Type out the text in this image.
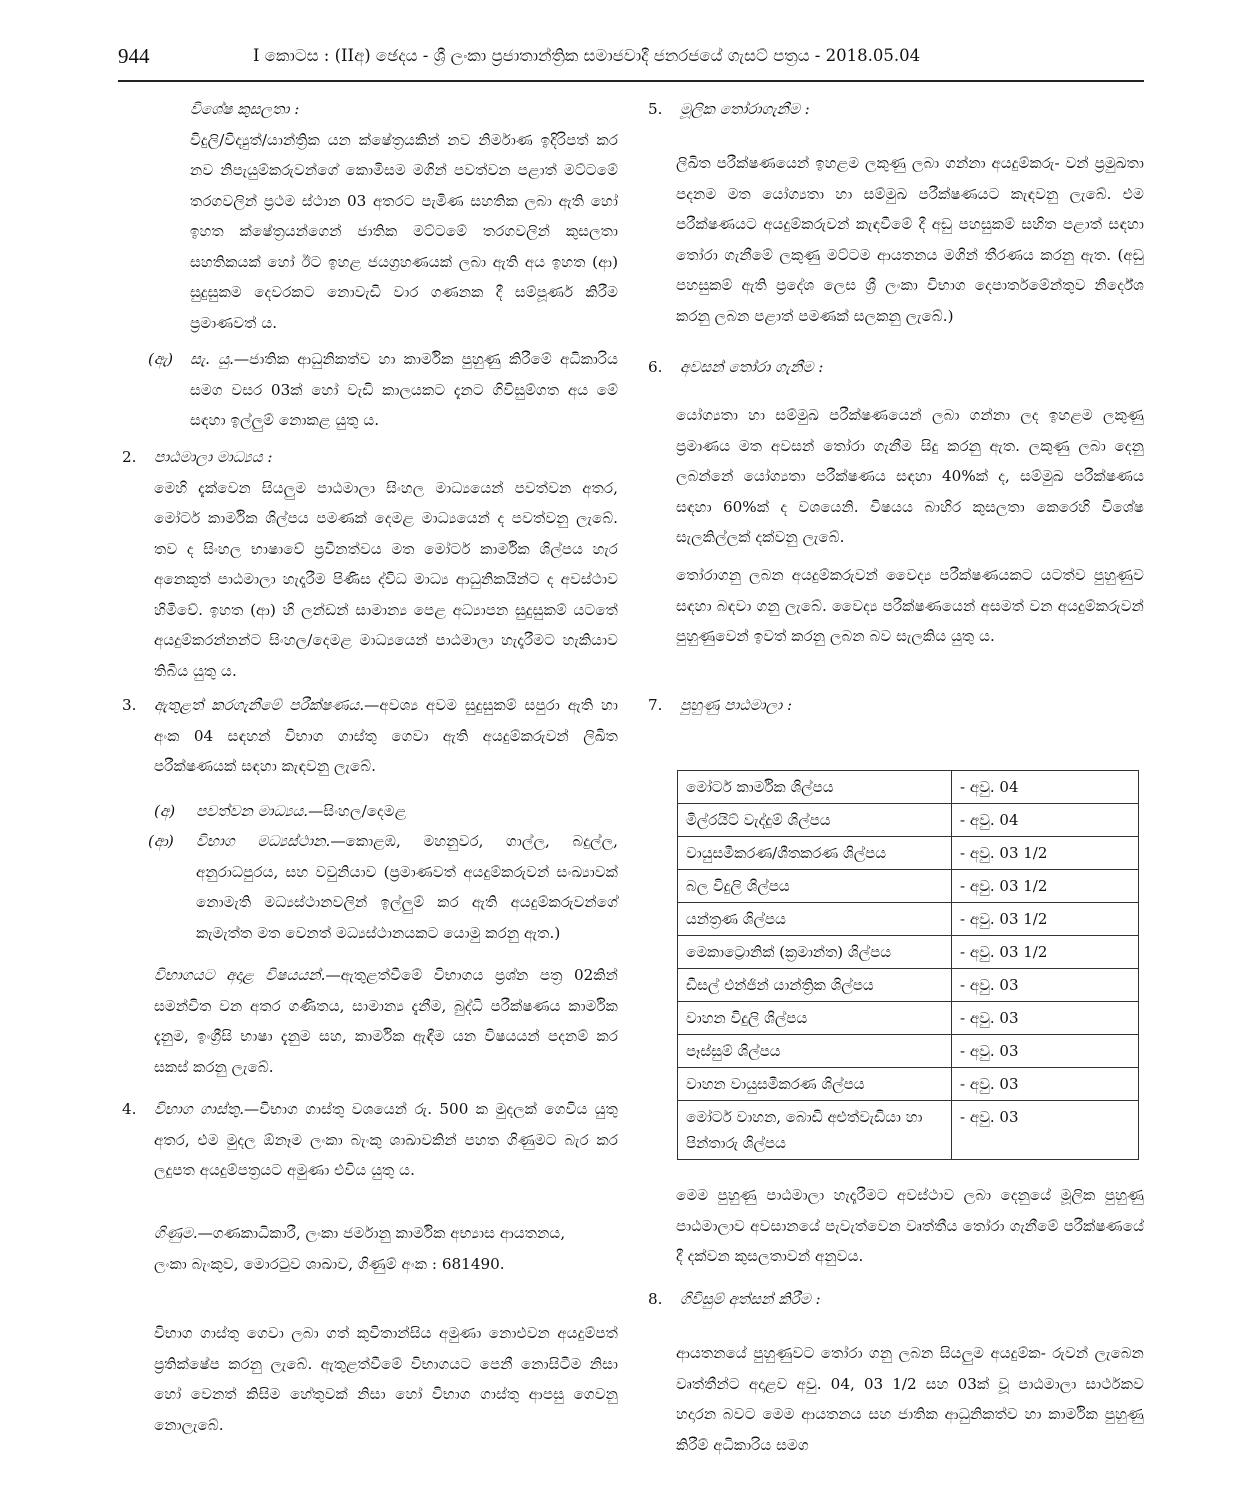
944	I කොටස : (IIඅ) ඡෙදය - ශ්‍රී ලංකා ප්‍රජාතාන්ත්‍රික සමාජවාදී ජනරජයේ ගැසට් පත්‍රය - 2018.05.04

විශේෂ කුසලතා :

විදුලි/විද්‍යුත්/යාන්ත්‍රික යන ක්ෂේත්‍රයකින් නව නිර්මාණ ඉදිරිපත් කර නව නිපැයුම්කරුවන්ගේ කොමිසම මගින් පවත්වන පළාත් මට්ටමේ තරගවලින් ප්‍රථම ස්ථාන 03 අතරට පැමිණ සහතික ලබා ඇති හෝ ඉහත ක්ෂේත්‍රයන්ගෙන් ජාතික මට්ටමේ තරගවලින් කුසලතා සහතිකයක් හෝ ඊට ඉහළ ජයග්‍රහණයක් ලබා ඇති අය ඉහත (ආ) සුදුසුකම දෙවරකට නොවැඩි වාර ගණනක දී සම්පූර්ණ කිරීම ප්‍රමාණවත් ය.

(ඇ) සැ. යු.—ජාතික ආධුනිකත්ව හා කාර්මික පුහුණු කිරීමේ අධිකාරිය සමග වසර 03ක් හෝ වැඩි කාලයකට දැනට ගිවිසුම්ගත අය මේ සඳහා ඉල්ලුම් නොකළ යුතු ය.

2. පාඨමාලා මාධ්‍යය :

මෙහි දැක්වෙන සියලුම පාඨමාලා සිංහල මාධ්‍යයෙන් පවත්වන අතර, මෝටර් කාර්මික ශිල්පය පමණක් දෙමළ මාධ්‍යයෙන් ද පවත්වනු ලැබේ. තව ද සිංහල භාෂාවේ ප්‍රවීනත්වය මත මෝටර් කාර්මික ශිල්පය හැර අනෙකුත් පාඨමාලා හැදෑරීම පිණිස ද්විධ මාධ්‍ය ආධුනිකයින්ට ද අවස්ථාව හිමිවේ. ඉහත (ආ) හි ලන්ඩන් සාමාන්‍ය පෙළ අධ්‍යාපන සුදුසුකම් යටතේ අයදුම්කරන්නන්ට සිංහල/දෙමළ මාධ්‍යයෙන් පාඨමාලා හැදෑරීමට හැකියාව තිබිය යුතු ය.

3. ඇතුළත් කරගැනීමේ පරීක්ෂණය.—අවශ්‍ය අවම සුදුසුකම් සපුරා ඇති හා අංක 04 සඳහන් විභාග ගාස්තු ගෙවා ඇති අයදුම්කරුවන් ලිඛිත පරීක්ෂණයක් සඳහා කැඳවනු ලැබේ.

(අ) පවත්වන මාධ්‍යය.—සිංහල/දෙමළ

(ආ) විභාග මධ්‍යස්ථාන.—කොළඹ, මහනුවර, ගාල්ල, බදුල්ල, අනුරාධපුරය, සහ වවුනියාව (ප්‍රමාණවත් අයදුම්කරුවන් සංඛ්‍යාවක් නොමැති මධ්‍යස්ථානවලින් ඉල්ලුම් කර ඇති අයදුම්කරුවන්ගේ කැමැත්ත මත වෙනත් මධ්‍යස්ථානයකට යොමු කරනු ඇත.)

විභාගයට අදාළ විෂයයන්.—ඇතුළත්වීමේ විභාගය ප්‍රශ්න පත්‍ර 02කින් සමන්විත වන අතර ගණිතය, සාමාන්‍ය දැනීම, බුද්ධි පරීක්ෂණය කාර්මික දැනුම, ඉංග්‍රීසි භාෂා දැනුම සහ, කාර්මික ඇඳීම යන විෂයයන් පදනම් කර සකස් කරනු ලැබේ.

4. විභාග ගාස්තු.—විභාග ගාස්තු වශයෙන් රු. 500 ක මුදලක් ගෙවිය යුතු අතර, එම මුදල ඕනෑම ලංකා බැංකු ශාඛාවකින් පහත ගිණුමට බැර කර ලදුපත අයදුම්පත්‍රයට අමුණා එවිය යුතු ය.

ගිණුම.—ගණකාධිකාරී, ලංකා ජර්මානු කාර්මික අභ්‍යාස ආයතනය,

ලංකා බැංකුව, මොරටුව ශාඛාව, ගිණුම් අංක : 681490.

විභාග ගාස්තු ගෙවා ලබා ගත් කුවිතාන්සිය අමුණා නොඑවන අයදුම්පත් ප්‍රතික්ෂේප කරනු ලැබේ. ඇතුළත්වීමේ විභාගයට පෙනී නොසිටීම නිසා හෝ වෙනත් කිසිම හේතුවක් නිසා හෝ විභාග ගාස්තු ආපසු ගෙවනු නොලැබේ.

5. මූලික තෝරාගැනීම :

ලිඛිත පරීක්ෂණයෙන් ඉහළම ලකුණු ලබා ගන්නා අයදුම්කරු- වන් ප්‍රමුඛතා පදනම මත යෝග්‍යතා හා සම්මුඛ පරීක්ෂණයට කැඳවනු ලැබේ. එම පරීක්ෂණයට අයදුම්කරුවන් කැඳවීමේ දී අඩු පහසුකම් සහිත පළාත් සඳහා තෝරා ගැනීමේ ලකුණු මට්ටම ආයතනය මගින් තීරණය කරනු ඇත. (අඩු පහසුකම් ඇති ප්‍රදේශ ලෙස ශ්‍රී ලංකා විභාග දෙපාර්තමේන්තුව නිර්දේශ කරනු ලබන පළාත් පමණක් සලකනු ලැබේ.)

6. අවසන් තෝරා ගැනීම :

යෝග්‍යතා හා සම්මුඛ පරීක්ෂණයෙන් ලබා ගන්නා ලද ඉහළම ලකුණු ප්‍රමාණය මත අවසන් තෝරා ගැනීම සිදු කරනු ඇත. ලකුණු ලබා දෙනු ලබන්නේ යෝග්‍යතා පරීක්ෂණය සඳහා 40%ක් ද, සම්මුඛ පරීක්ෂණය සඳහා 60%ක් ද වශයෙනි. විෂයය බාහිර කුසලතා කෙරෙහි විශේෂ සැලකිල්ලක් දක්වනු ලැබේ.

තෝරාගනු ලබන අයදුම්කරුවන් වෛද්‍ය පරීක්ෂණයකට යටත්ව පුහුණුව සඳහා බඳවා ගනු ලැබේ. වෛද්‍ය පරීක්ෂණයෙන් අසමත් වන අයදුම්කරුවන් පුහුණුවෙන් ඉවත් කරනු ලබන බව සැලකිය යුතු ය.

7. පුහුණු පාඨමාලා :

මෙම පුහුණු පාඨමාලා හැදෑරීමට අවස්ථාව ලබා දෙනුයේ මූලික පුහුණු පාඨමාලාව අවසානයේ පැවැත්වෙන වෘත්තීය තෝරා ගැනීමේ පරීක්ෂණයේ දී දක්වන කුසලතාවන් අනුවය.

8. ගිවිසුම් අත්සන් කිරීම :

ආයතනයේ පුහුණුවට තෝරා ගනු ලබන සියලුම අයදුම්ක- රුවන් ලැබෙන වෘත්තීන්ට අදාළව අවු. 04, 03 1/2 සහ 03ක් වූ පාඨමාලා සාර්ථකව හදාරන බවට මෙම ආයතනය සහ ජාතික ආධුනිකත්ව හා කාර්මික පුහුණු කිරීම් අධිකාරිය සමග

මෝටර් කාර්මික ශිල්පය	- අවු. 04
මිල්රයිට් වැද්දුම් ශිල්පය	- අවු. 04
වායුසමීකරණ/ශීතකරණ ශිල්පය	- අවු. 03 1/2
බල විදුලි ශිල්පය	- අවු. 03 1/2
යන්ත්‍රණ ශිල්පය	- අවු. 03 1/2
මෙකාට්‍රොනික් (ක්‍රමාන්ත) ශිල්පය	- අවු. 03 1/2
ඩීසල් එන්ජින් යාන්ත්‍රික ශිල්පය	- අවු. 03
වාහන විදුලි ශිල්පය	- අවු. 03
පෑස්සුම් ශිල්පය	- අවු. 03
වාහන වායුසමීකරණ ශිල්පය	- අවු. 03
මෝටර් වාහන, බොඩි අළුත්වැඩියා හා පින්තාරු ශිල්පය	- අවු. 03
